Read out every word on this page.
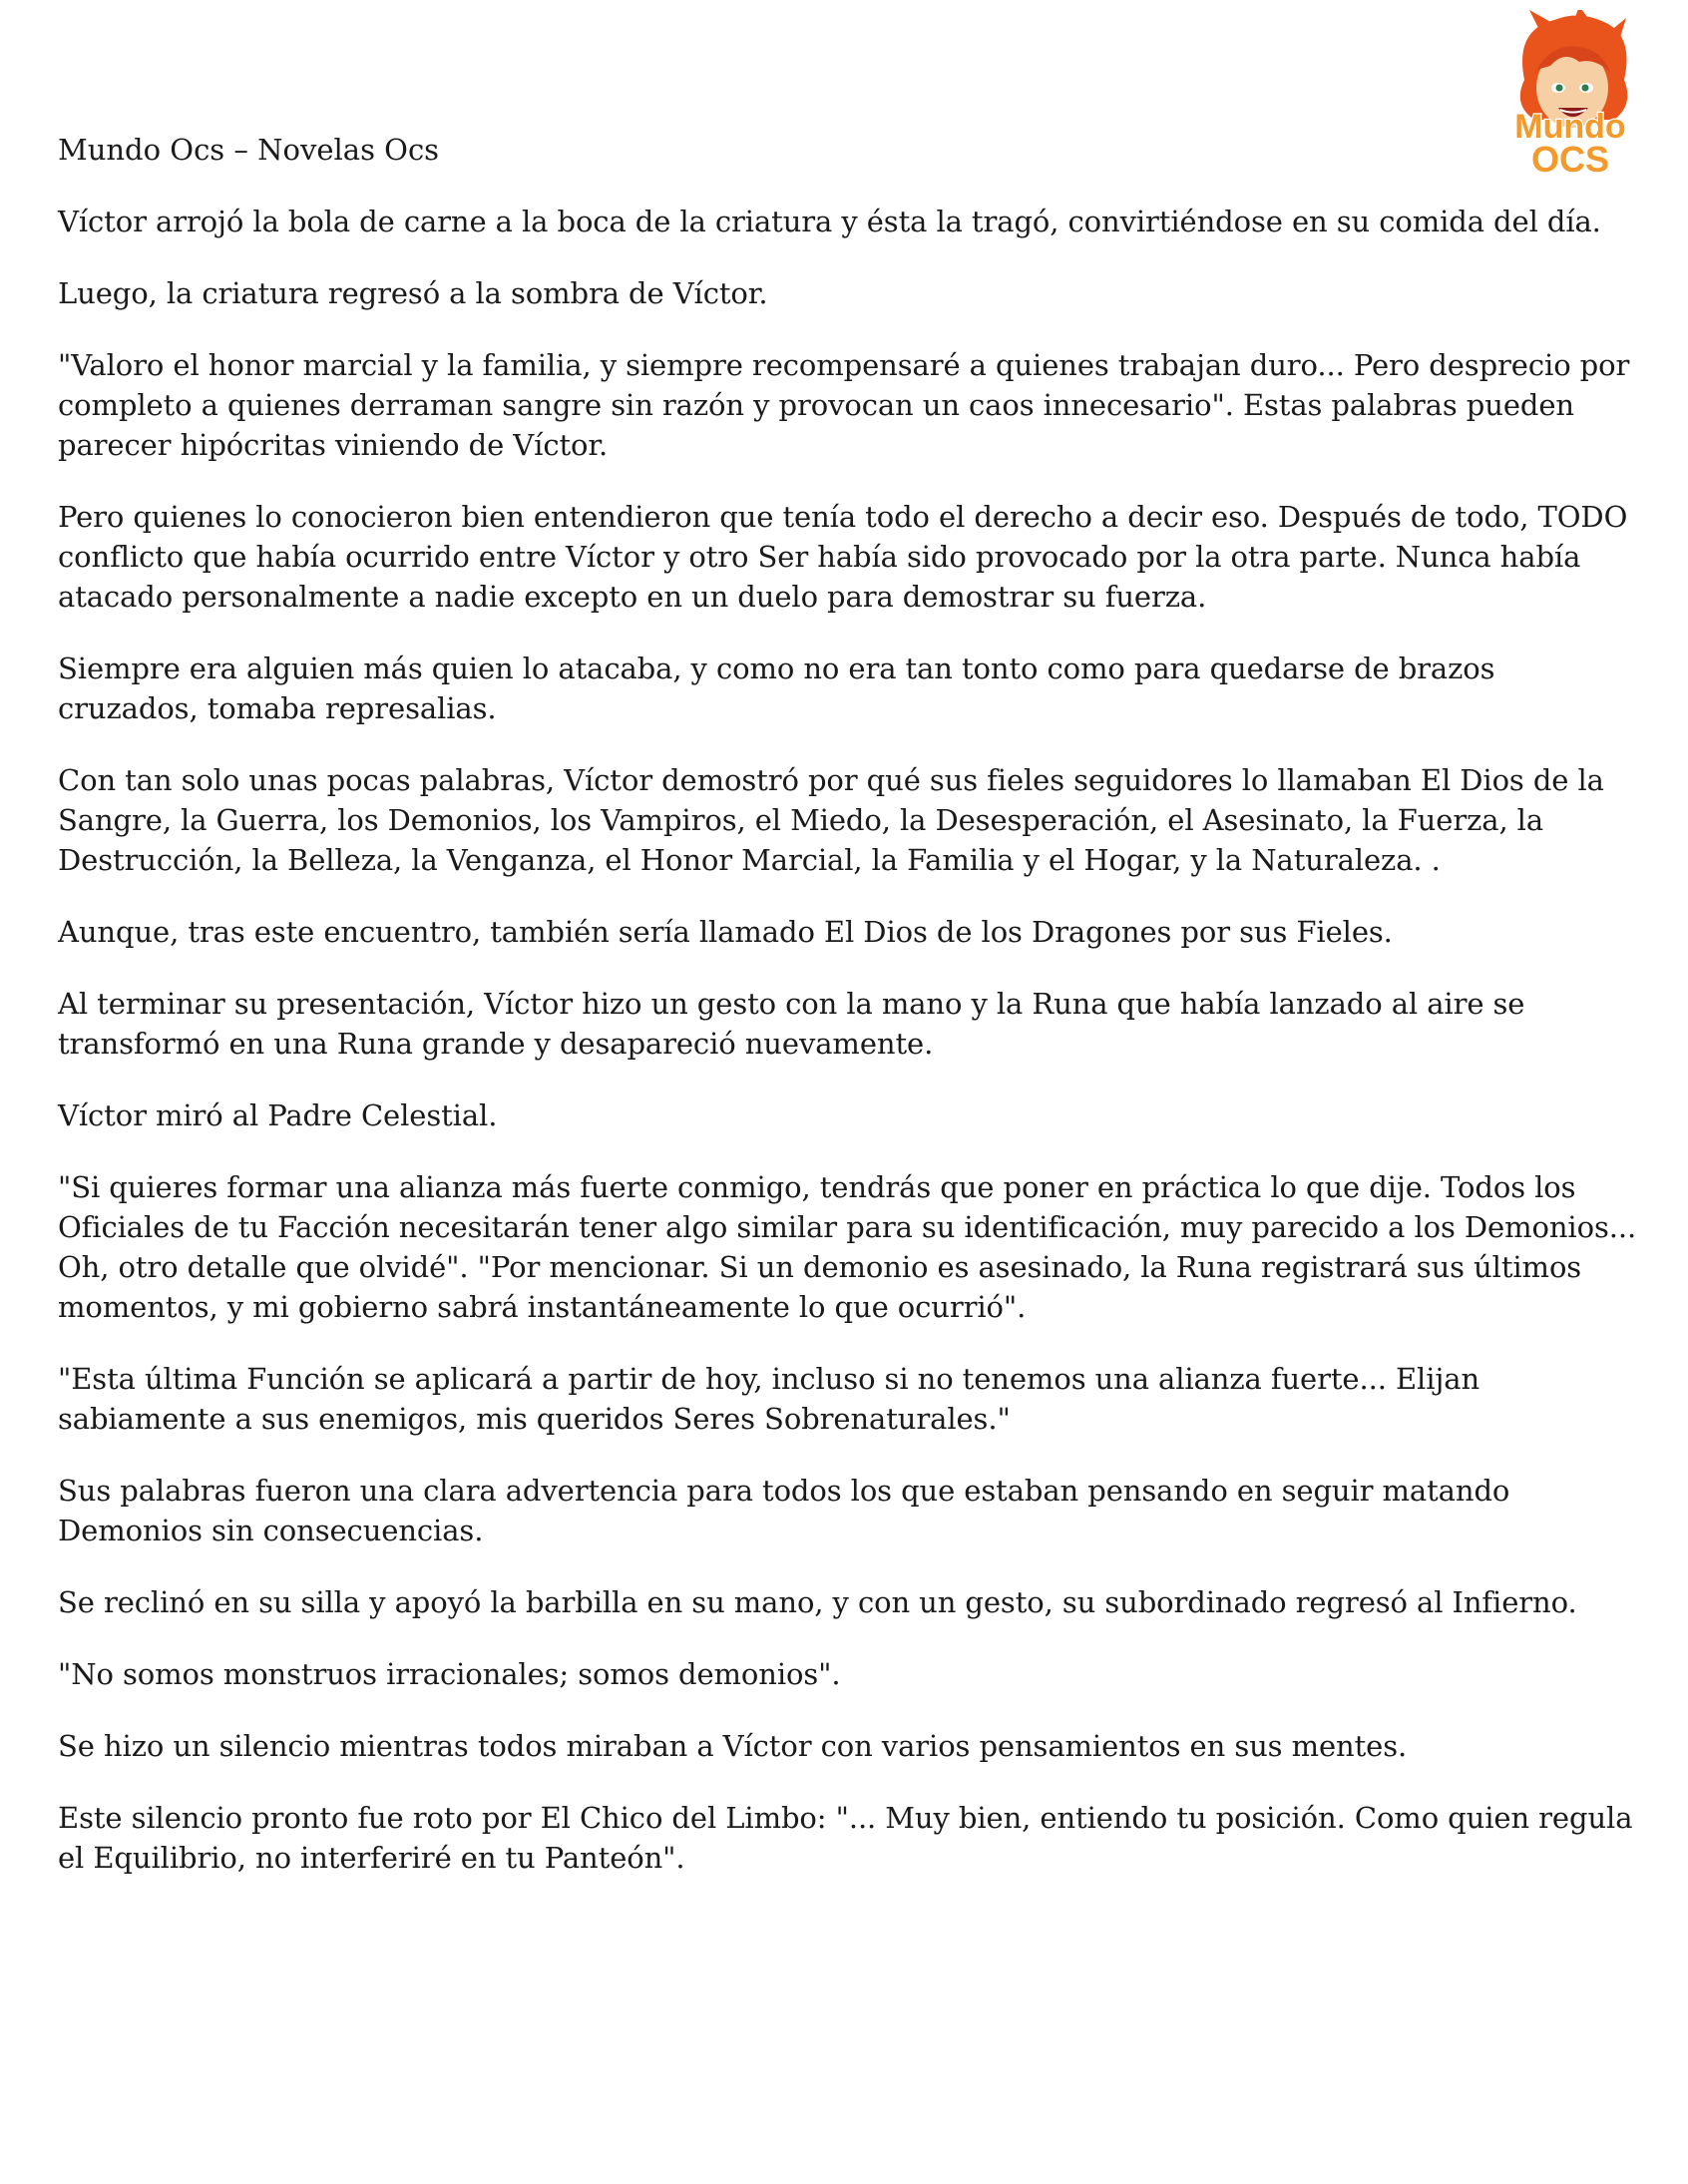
Mundo
OCS

Mundo Ocs – Novelas Ocs

Víctor arrojó la bola de carne a la boca de la criatura y ésta la tragó, convirtiéndose en su comida del día.

Luego, la criatura regresó a la sombra de Víctor.

"Valoro el honor marcial y la familia, y siempre recompensaré a quienes trabajan duro... Pero desprecio por completo a quienes derraman sangre sin razón y provocan un caos innecesario". Estas palabras pueden parecer hipócritas viniendo de Víctor.

Pero quienes lo conocieron bien entendieron que tenía todo el derecho a decir eso. Después de todo, TODO conflicto que había ocurrido entre Víctor y otro Ser había sido provocado por la otra parte. Nunca había atacado personalmente a nadie excepto en un duelo para demostrar su fuerza.

Siempre era alguien más quien lo atacaba, y como no era tan tonto como para quedarse de brazos cruzados, tomaba represalias.

Con tan solo unas pocas palabras, Víctor demostró por qué sus fieles seguidores lo llamaban El Dios de la Sangre, la Guerra, los Demonios, los Vampiros, el Miedo, la Desesperación, el Asesinato, la Fuerza, la Destrucción, la Belleza, la Venganza, el Honor Marcial, la Familia y el Hogar, y la Naturaleza. .

Aunque, tras este encuentro, también sería llamado El Dios de los Dragones por sus Fieles.

Al terminar su presentación, Víctor hizo un gesto con la mano y la Runa que había lanzado al aire se transformó en una Runa grande y desapareció nuevamente.

Víctor miró al Padre Celestial.

"Si quieres formar una alianza más fuerte conmigo, tendrás que poner en práctica lo que dije. Todos los Oficiales de tu Facción necesitarán tener algo similar para su identificación, muy parecido a los Demonios... Oh, otro detalle que olvidé". "Por mencionar. Si un demonio es asesinado, la Runa registrará sus últimos momentos, y mi gobierno sabrá instantáneamente lo que ocurrió".

"Esta última Función se aplicará a partir de hoy, incluso si no tenemos una alianza fuerte... Elijan sabiamente a sus enemigos, mis queridos Seres Sobrenaturales."

Sus palabras fueron una clara advertencia para todos los que estaban pensando en seguir matando Demonios sin consecuencias.

Se reclinó en su silla y apoyó la barbilla en su mano, y con un gesto, su subordinado regresó al Infierno.

"No somos monstruos irracionales; somos demonios".

Se hizo un silencio mientras todos miraban a Víctor con varios pensamientos en sus mentes.

Este silencio pronto fue roto por El Chico del Limbo: "... Muy bien, entiendo tu posición. Como quien regula el Equilibrio, no interferiré en tu Panteón".
